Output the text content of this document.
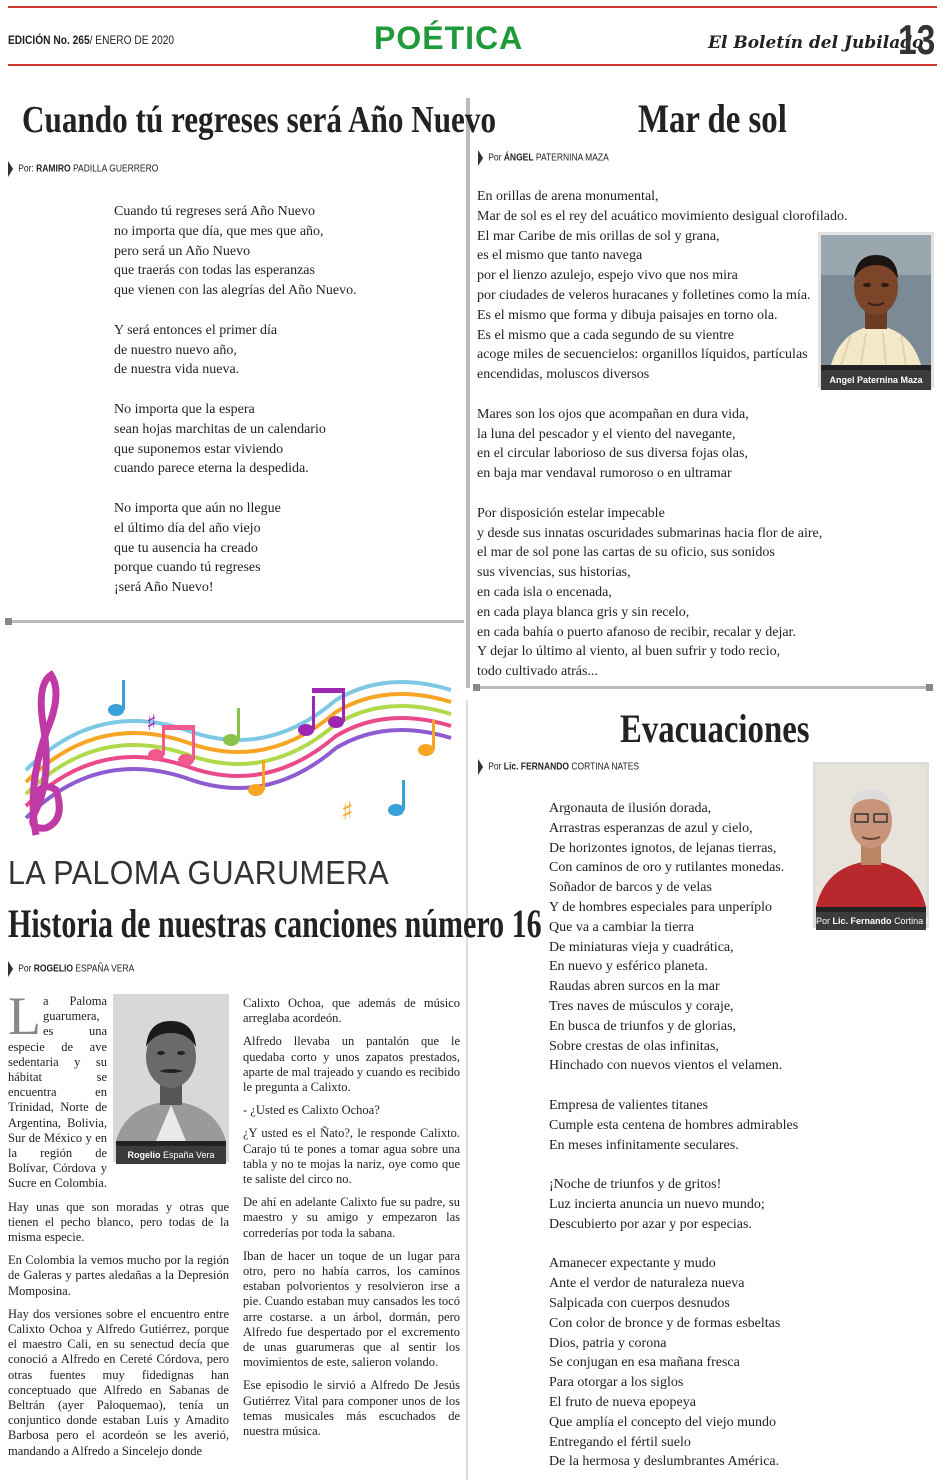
EDICIÓN No. 265/ ENERO DE 2020	POÉTICA	El Boletín del Jubilado
13
Cuando tú regreses será Año Nuevo
Por: RAMIRO PADILLA GUERRERO
Cuando tú regreses será Año Nuevo
no importa que día, que mes que año,
pero será un Año Nuevo
que traerás con todas las esperanzas
que vienen con las alegrías del Año Nuevo.
Y será entonces el primer día
de nuestro nuevo año,
de nuestra vida nueva.
No importa que la espera
sean hojas marchitas de un calendario
que suponemos estar viviendo
cuando parece eterna la despedida.
No importa que aún no llegue
el último día del año viejo
que tu ausencia ha creado
porque cuando tú regreses
¡será Año Nuevo!
Mar de sol
Por ÁNGEL PATERNINA MAZA
En orillas de arena monumental,
Mar de sol es el rey del acuático movimiento desigual clorofilado.
El mar Caribe de mis orillas de sol y grana,
es el mismo que tanto navega
por el lienzo azulejo, espejo vivo que nos mira
por ciudades de veleros huracanes y folletines como la mía.
Es el mismo que forma y dibuja paisajes en torno ola.
Es el mismo que a cada segundo de su vientre
acoge miles de secuencielos: organillos líquidos, partículas
encendidas, moluscos diversos
Mares son los ojos que acompañan en dura vida,
la luna del pescador y el viento del navegante,
en el circular laborioso de sus diversa fojas olas,
en baja mar vendaval rumoroso o en ultramar
Por disposición estelar impecable
y desde sus innatas oscuridades submarinas hacia flor de aire,
el mar de sol pone las cartas de su oficio, sus sonidos
sus vivencias, sus historias,
en cada isla o encenada,
en cada playa blanca gris y sin recelo,
en cada bahía o puerto afanoso de recibir, recalar y dejar.
Y dejar lo último al viento, al buen sufrir y todo recio,
todo cultivado atrás...
Angel Paternina Maza
Evacuaciones
Por Lic. FERNANDO CORTINA NATES
Argonauta de ilusión dorada,
Arrastras esperanzas de azul y cielo,
De horizontes ignotos, de lejanas tierras,
Con caminos de oro y rutilantes monedas.
Soñador de barcos y de velas
Y de hombres especiales para unperíplo
Que va a cambiar la tierra
De miniaturas vieja y cuadrática,
En nuevo y esférico planeta.
Raudas abren surcos en la mar
Tres naves de músculos y coraje,
En busca de triunfos y de glorias,
Sobre crestas de olas infinitas,
Hinchado con nuevos vientos el velamen.
Empresa de valientes titanes
Cumple esta centena de hombres admirables
En meses infinitamente seculares.
¡Noche de triunfos y de gritos!
Luz incierta anuncia un nuevo mundo;
Descubierto por azar y por especias.
Amanecer expectante y mudo
Ante el verdor de naturaleza nueva
Salpicada con cuerpos desnudos
Con color de bronce y de formas esbeltas
Dios, patria y corona
Se conjugan en esa mañana fresca
Para otorgar a los siglos
El fruto de nueva epopeya
Que amplía el concepto del viejo mundo
Entregando el fértil suelo
De la hermosa y deslumbrantes América.
Por Lic. Fernando Cortina Nates
♯
♯
LA PALOMA GUARUMERA
Historia de nuestras canciones número 16
Por ROGELIO ESPAÑA VERA
Rogelio España Vera

La Paloma guarumera, es una especie de ave sedentaria y su hábitat se encuentra en Trinidad, Norte de Argentina, Bolivia, Sur de México y en la región de Bolívar, Córdova y Sucre en Colombia.

Hay unas que son moradas y otras que tienen el pecho blanco, pero todas de la misma especie.

En Colombia la vemos mucho por la región de Galeras y partes aledañas a la Depresión Momposina.

Hay dos versiones sobre el encuentro entre Calixto Ochoa y Alfredo Gutiérrez, porque el maestro Cali, en su senectud decía que conoció a Alfredo en Cereté Córdova, pero otras fuentes muy fidedignas han conceptuado que Alfredo en Sabanas de Beltrán (ayer Paloquemao), tenía un conjuntico donde estaban Luis y Amadito Barbosa pero el acordeón se les averió, mandando a Alfredo a Sincelejo donde

Calixto Ochoa, que además de músico arreglaba acordeón.

Alfredo llevaba un pantalón que le quedaba corto y unos zapatos prestados, aparte de mal trajeado y cuando es recibido le pregunta a Calixto.

- ¿Usted es Calixto Ochoa?

¿Y usted es el Ñato?, le responde Calixto. Carajo tú te pones a tomar agua sobre una tabla y no te mojas la nariz, oye como que te saliste del circo no.

De ahí en adelante Calixto fue su padre, su maestro y su amigo y empezaron las correderías por toda la sabana.

Iban de hacer un toque de un lugar para otro, pero no había carros, los caminos estaban polvorientos y resolvieron irse a pie. Cuando estaban muy cansados les tocó arre costarse. a un árbol, dormán, pero Alfredo fue despertado por el excremento de unas guarumeras que al sentir los movimientos de este, salieron volando.

Ese episodio le sirvió a Alfredo De Jesús Gutiérrez Vital para componer unos de los temas musicales más escuchados de nuestra música.
